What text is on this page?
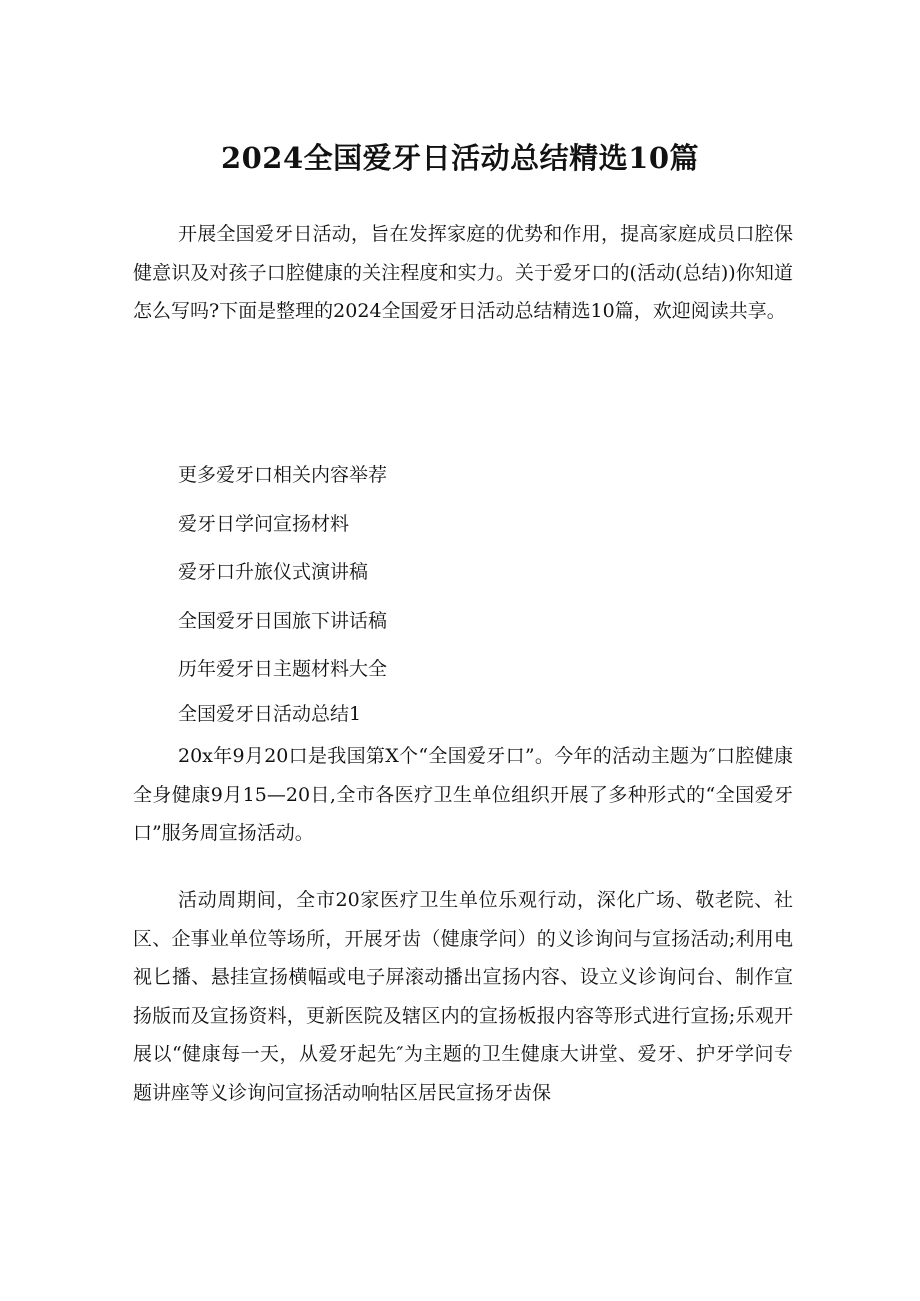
2024全国爱牙日活动总结精选10篇

开展全国爱牙日活动，旨在发挥家庭的优势和作用，提高家庭成员口腔保健意识及对孩子口腔健康的关注程度和实力。关于爱牙口的(活动(总结))你知道怎么写吗?下面是整理的2024全国爱牙日活动总结精选10篇，欢迎阅读共享。

更多爱牙口相关内容举荐
爱牙日学问宣扬材料
爱牙口升旅仪式演讲稿
全国爱牙日国旅下讲话稿
历年爱牙日主题材料大全

全国爱牙日活动总结1

20x年9月20口是我国第X个“全国爱牙口”。今年的活动主题为″口腔健康全身健康9月15—20日,全市各医疗卫生单位组织开展了多种形式的“全国爱牙口”服务周宣扬活动。

活动周期间，全市20家医疗卫生单位乐观行动，深化广场、敬老院、社区、企事业单位等场所，开展牙齿（健康学问）的义诊询问与宣扬活动;利用电视匕播、悬挂宣扬横幅或电子屏滚动播出宣扬内容、设立义诊询问台、制作宣扬版而及宣扬资料，更新医院及辖区内的宣扬板报内容等形式进行宣扬;乐观开展以“健康每一天，从爱牙起先″为主题的卫生健康大讲堂、爱牙、护牙学问专题讲座等义诊询问宣扬活动响牯区居民宣扬牙齿保
